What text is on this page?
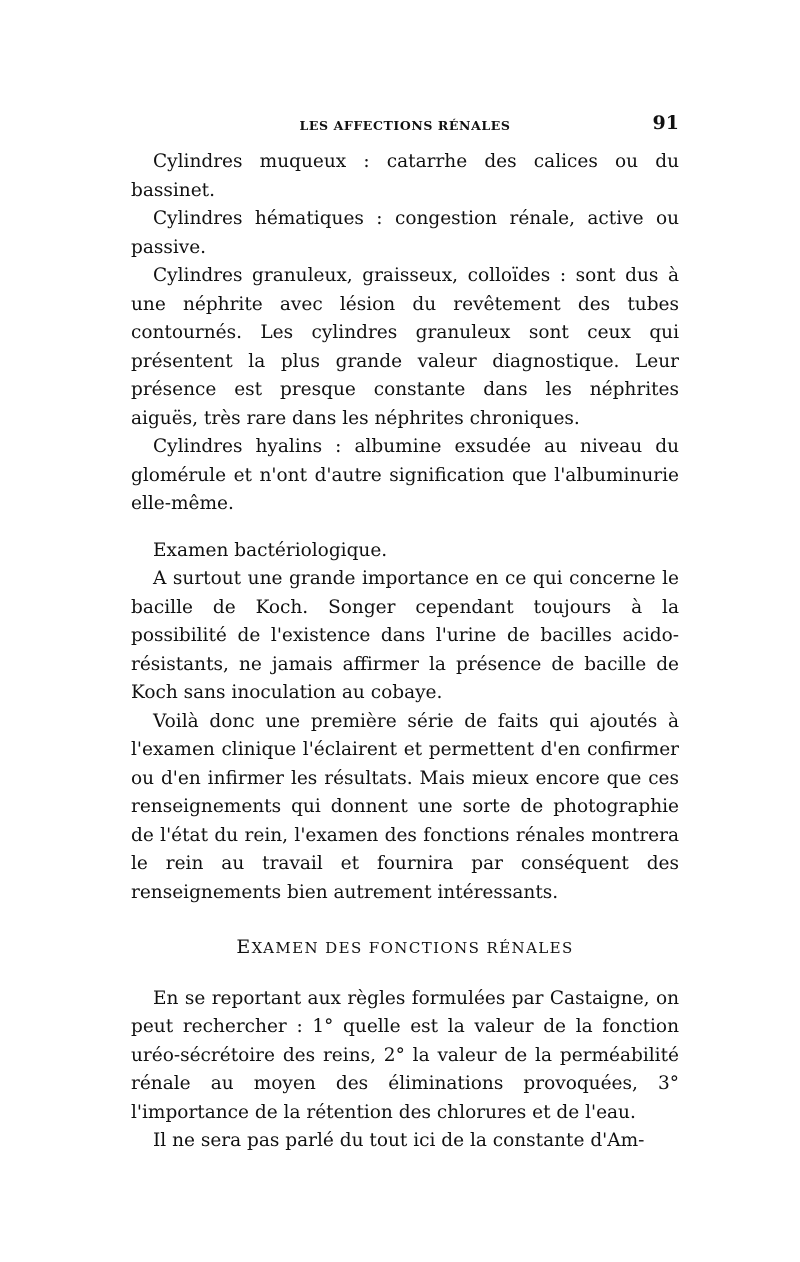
LES AFFECTIONS RÉNALES	91

Cylindres muqueux : catarrhe des calices ou du bassinet.

Cylindres hématiques : congestion rénale, active ou passive.

Cylindres granuleux, graisseux, colloïdes : sont dus à une néphrite avec lésion du revêtement des tubes contournés. Les cylindres granuleux sont ceux qui présentent la plus grande valeur diagnostique. Leur présence est presque constante dans les néphrites aiguës, très rare dans les néphrites chroniques.

Cylindres hyalins : albumine exsudée au niveau du glomérule et n'ont d'autre signification que l'albuminurie elle-même.

Examen bactériologique.

A surtout une grande importance en ce qui concerne le bacille de Koch. Songer cependant toujours à la possibilité de l'existence dans l'urine de bacilles acido-résistants, ne jamais affirmer la présence de bacille de Koch sans inoculation au cobaye.

Voilà donc une première série de faits qui ajoutés à l'examen clinique l'éclairent et permettent d'en confirmer ou d'en infirmer les résultats. Mais mieux encore que ces renseignements qui donnent une sorte de photographie de l'état du rein, l'examen des fonctions rénales montrera le rein au travail et fournira par conséquent des renseignements bien autrement intéressants.

EXAMEN DES FONCTIONS RÉNALES

En se reportant aux règles formulées par Castaigne, on peut rechercher : 1° quelle est la valeur de la fonction uréo-sécrétoire des reins, 2° la valeur de la perméabilité rénale au moyen des éliminations provoquées, 3° l'importance de la rétention des chlorures et de l'eau.

Il ne sera pas parlé du tout ici de la constante d'Am-
